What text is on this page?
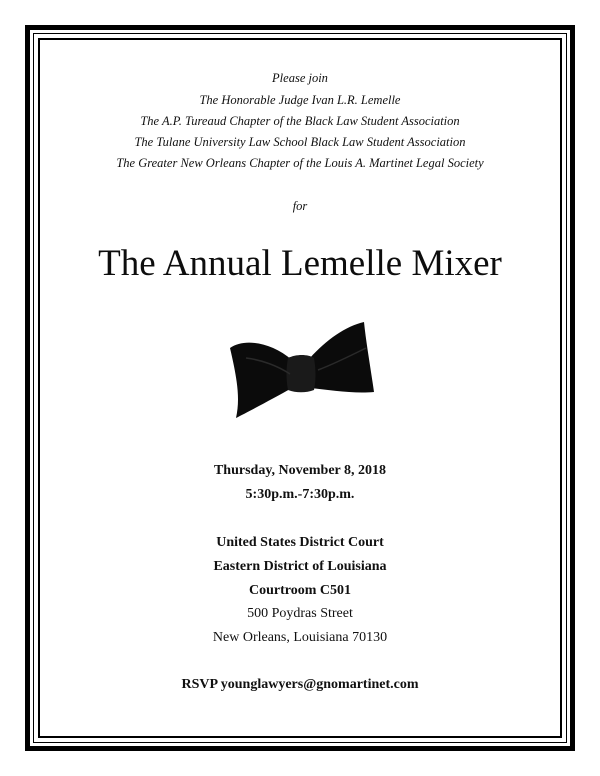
Please join
The Honorable Judge Ivan L.R. Lemelle
The A.P. Tureaud Chapter of the Black Law Student Association
The Tulane University Law School Black Law Student Association
The Greater New Orleans Chapter of the Louis A. Martinet Legal Society
for
The Annual Lemelle Mixer
Thursday, November 8, 2018
5:30p.m.-7:30p.m.
United States District Court
Eastern District of Louisiana
Courtroom C501
500 Poydras Street
New Orleans, Louisiana 70130
RSVP younglawyers@gnomartinet.com
